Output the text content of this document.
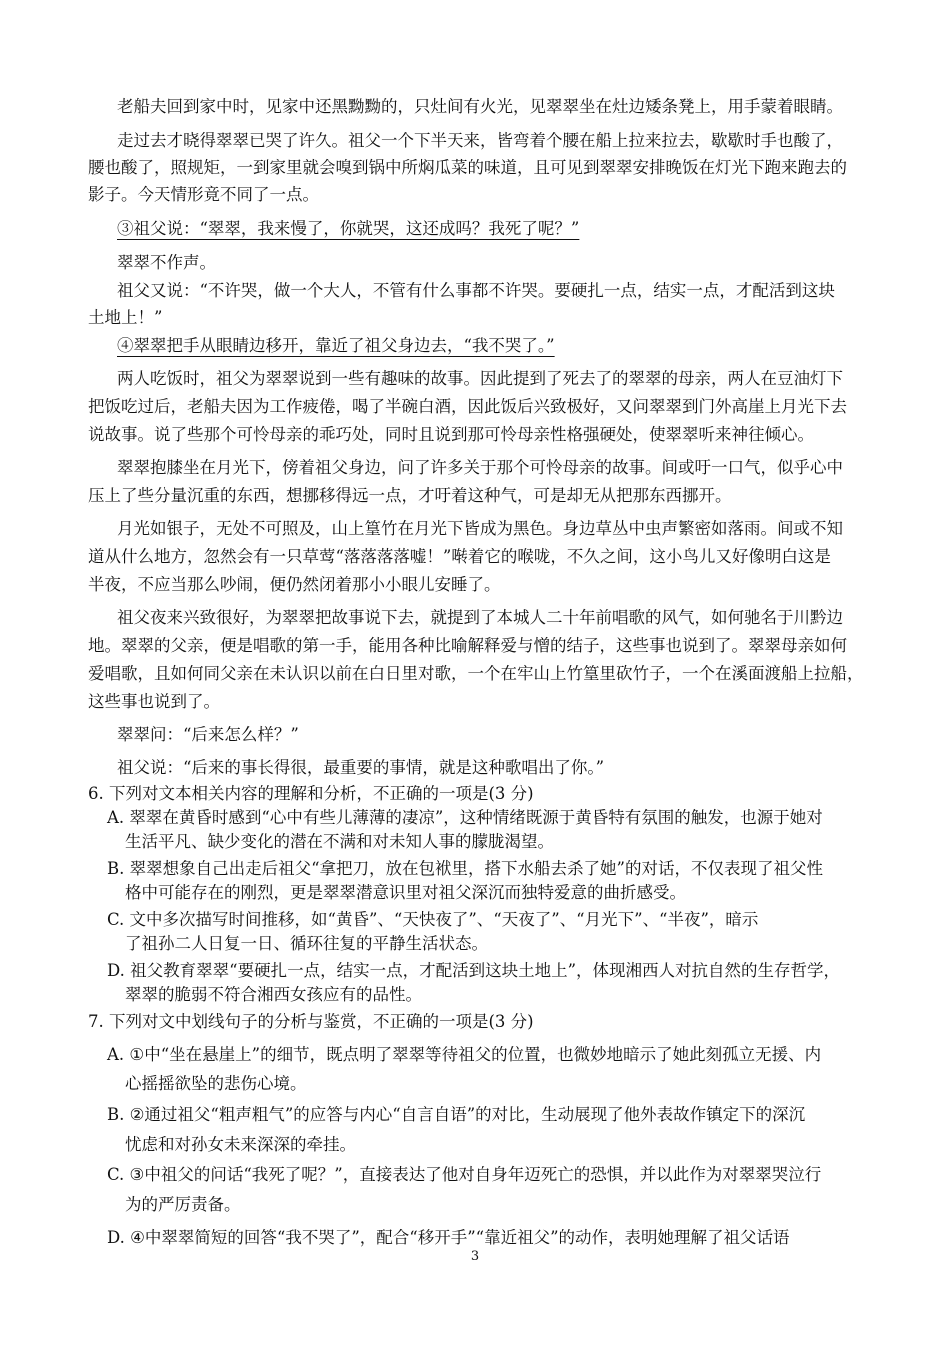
老船夫回到家中时，见家中还黑黝黝的，只灶间有火光，见翠翠坐在灶边矮条凳上，用手蒙着眼睛。
走过去才晓得翠翠已哭了许久。祖父一个下半天来，皆弯着个腰在船上拉来拉去，歇歇时手也酸了，
腰也酸了，照规矩，一到家里就会嗅到锅中所焖瓜菜的味道，且可见到翠翠安排晚饭在灯光下跑来跑去的
影子。今天情形竟不同了一点。
③祖父说：“翠翠，我来慢了，你就哭，这还成吗？我死了呢？”
翠翠不作声。
祖父又说：“不许哭，做一个大人，不管有什么事都不许哭。要硬扎一点，结实一点，才配活到这块
土地上！”
④翠翠把手从眼睛边移开，靠近了祖父身边去，“我不哭了。”
两人吃饭时，祖父为翠翠说到一些有趣味的故事。因此提到了死去了的翠翠的母亲，两人在豆油灯下
把饭吃过后，老船夫因为工作疲倦，喝了半碗白酒，因此饭后兴致极好，又问翠翠到门外高崖上月光下去
说故事。说了些那个可怜母亲的乖巧处，同时且说到那可怜母亲性格强硬处，使翠翠听来神往倾心。
翠翠抱膝坐在月光下，傍着祖父身边，问了许多关于那个可怜母亲的故事。间或吁一口气，似乎心中
压上了些分量沉重的东西，想挪移得远一点，才吁着这种气，可是却无从把那东西挪开。
月光如银子，无处不可照及，山上篁竹在月光下皆成为黑色。身边草丛中虫声繁密如落雨。间或不知
道从什么地方，忽然会有一只草莺“落落落落嘘！”啭着它的喉咙，不久之间，这小鸟儿又好像明白这是
半夜，不应当那么吵闹，便仍然闭着那小小眼儿安睡了。
祖父夜来兴致很好，为翠翠把故事说下去，就提到了本城人二十年前唱歌的风气，如何驰名于川黔边
地。翠翠的父亲，便是唱歌的第一手，能用各种比喻解释爱与憎的结子，这些事也说到了。翠翠母亲如何
爱唱歌，且如何同父亲在未认识以前在白日里对歌，一个在牢山上竹篁里砍竹子，一个在溪面渡船上拉船，
这些事也说到了。
翠翠问：“后来怎么样？”
祖父说：“后来的事长得很，最重要的事情，就是这种歌唱出了你。”
6. 下列对文本相关内容的理解和分析，不正确的一项是(3 分)
A. 翠翠在黄昏时感到“心中有些儿薄薄的凄凉”，这种情绪既源于黄昏特有氛围的触发，也源于她对
生活平凡、缺少变化的潜在不满和对未知人事的朦胧渴望。
B. 翠翠想象自己出走后祖父“拿把刀，放在包袱里，搭下水船去杀了她”的对话，不仅表现了祖父性
格中可能存在的刚烈，更是翠翠潜意识里对祖父深沉而独特爱意的曲折感受。
C. 文中多次描写时间推移，如“黄昏”、“天快夜了”、“天夜了”、“月光下”、“半夜”，暗示
了祖孙二人日复一日、循环往复的平静生活状态。
D. 祖父教育翠翠“要硬扎一点，结实一点，才配活到这块土地上”，体现湘西人对抗自然的生存哲学，
翠翠的脆弱不符合湘西女孩应有的品性。
7. 下列对文中划线句子的分析与鉴赏，不正确的一项是(3 分)
A. ①中“坐在悬崖上”的细节，既点明了翠翠等待祖父的位置，也微妙地暗示了她此刻孤立无援、内
心摇摇欲坠的悲伤心境。
B. ②通过祖父“粗声粗气”的应答与内心“自言自语”的对比，生动展现了他外表故作镇定下的深沉
忧虑和对孙女未来深深的牵挂。
C. ③中祖父的问话“我死了呢？”，直接表达了他对自身年迈死亡的恐惧，并以此作为对翠翠哭泣行
为的严厉责备。
D. ④中翠翠简短的回答“我不哭了”，配合“移开手”“靠近祖父”的动作，表明她理解了祖父话语
3
